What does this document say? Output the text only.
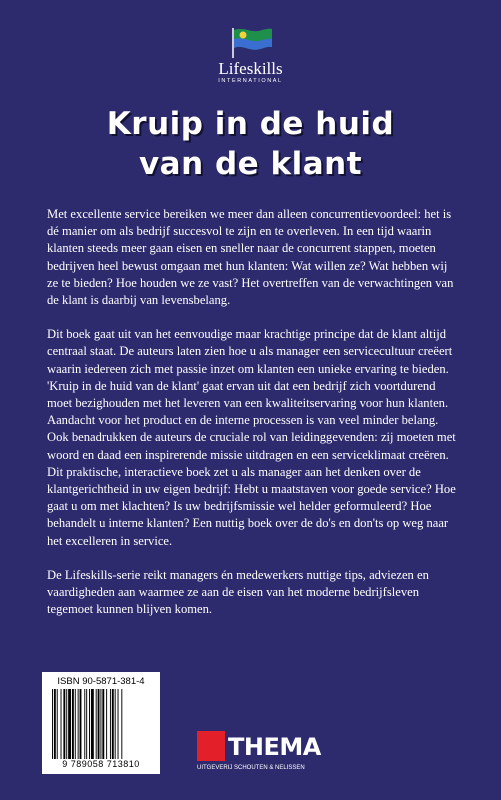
Lifeskills
INTERNATIONAL
Kruip in de huid
van de klant

Met excellente service bereiken we meer dan alleen concurrentievoordeel: het is dé manier om als bedrijf succesvol te zijn en te overleven. In een tijd waarin klanten steeds meer gaan eisen en sneller naar de concurrent stappen, moeten bedrijven heel bewust omgaan met hun klanten: Wat willen ze? Wat hebben wij ze te bieden? Hoe houden we ze vast? Het overtreffen van de verwachtingen van de klant is daarbij van levensbelang.

Dit boek gaat uit van het eenvoudige maar krachtige principe dat de klant altijd centraal staat. De auteurs laten zien hoe u als manager een servicecultuur creëert waarin iedereen zich met passie inzet om klanten een unieke ervaring te bieden. 'Kruip in de huid van de klant' gaat ervan uit dat een bedrijf zich voortdurend moet bezighouden met het leveren van een kwaliteitservaring voor hun klanten. Aandacht voor het product en de interne processen is van veel minder belang. Ook benadrukken de auteurs de cruciale rol van leidinggevenden: zij moeten met woord en daad een inspirerende missie uitdragen en een serviceklimaat creëren.

Dit praktische, interactieve boek zet u als manager aan het denken over de klantgerichtheid in uw eigen bedrijf: Hebt u maatstaven voor goede service? Hoe gaat u om met klachten? Is uw bedrijfsmissie wel helder geformuleerd? Hoe behandelt u interne klanten? Een nuttig boek over de do's en don'ts op weg naar het excelleren in service.

De Lifeskills-serie reikt managers én medewerkers nuttige tips, adviezen en vaardigheden aan waarmee ze aan de eisen van het moderne bedrijfsleven tegemoet kunnen blijven komen.

ISBN 90-5871-381-4
9 789058 713810
THEMA
UITGEVERIJ SCHOUTEN & NELISSEN
